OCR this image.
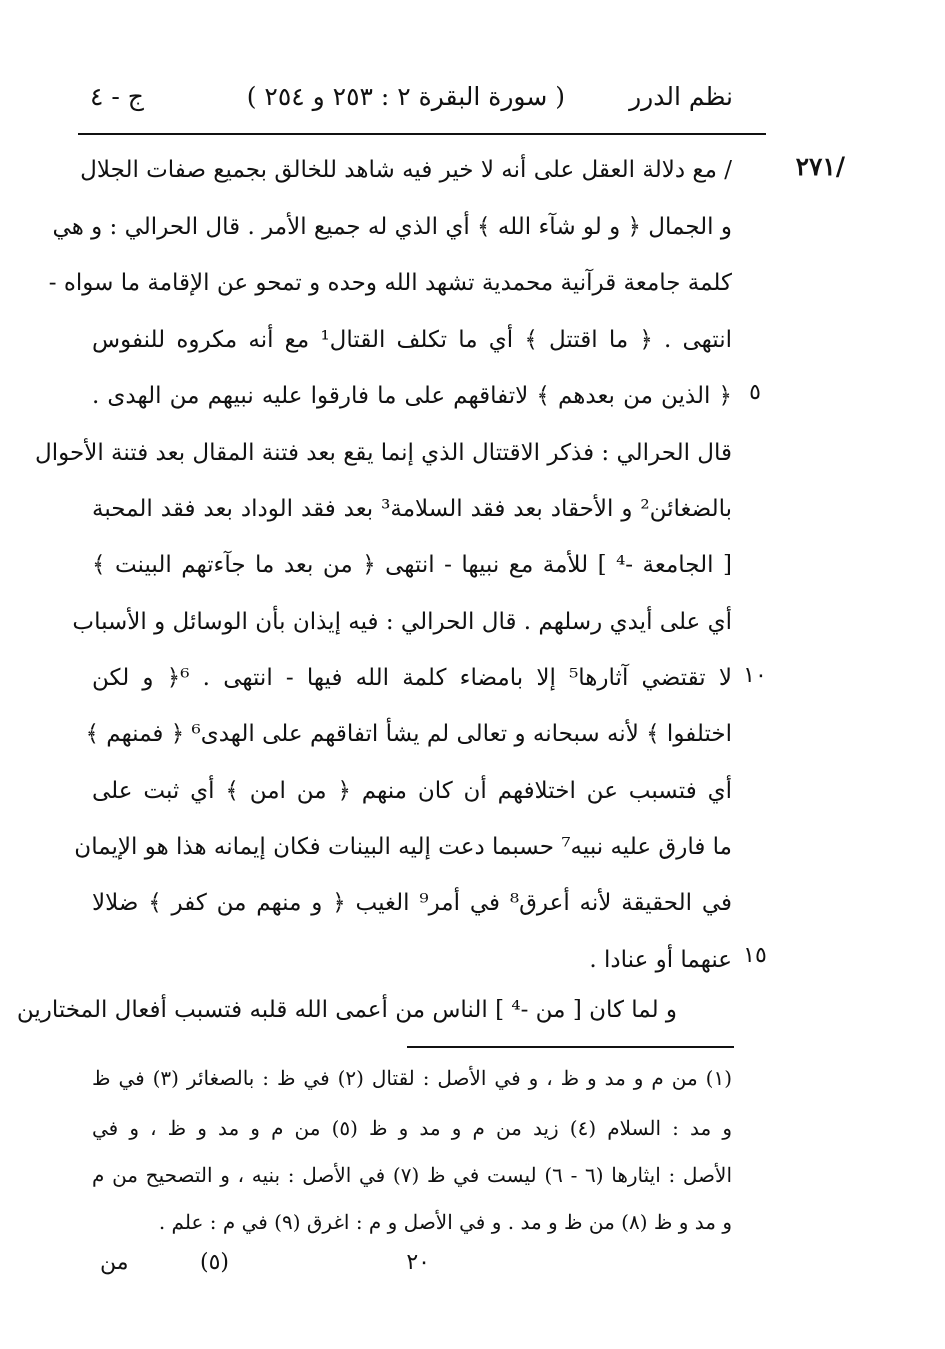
نظم الدرر
( سورة البقرة ٢ : ٢٥٣ و ٢٥٤ )
ج - ٤
٢٧١/
٥
١٠
١٥
/ مع دلالة العقل على أنه لا خير فيه شاهد للخالق بجميع صفات الجلال
و الجمال ﴿ و لو شآء الله ﴾ أي الذي له جميع الأمر . قال الحرالي : و هي
كلمة جامعة قرآنية محمدية تشهد الله وحده و تمحو عن الإقامة ما سواه -
انتهى . ﴿ ما اقتتل ﴾ أي ما تكلف القتال¹ مع أنه مكروه للنفوس
﴿ الذين من بعدهم ﴾ لاتفاقهم على ما فارقوا عليه نبيهم من الهدى .
قال الحرالي : فذكر الاقتتال الذي إنما يقع بعد فتنة المقال بعد فتنة الأحوال
بالضغائن² و الأحقاد بعد فقد السلامة³ بعد فقد الوداد بعد فقد المحبة
[ الجامعة -⁴ ] للأمة مع نبيها - انتهى ﴿ من بعد ما جآءتهم البينت ﴾
أي على أيدي رسلهم . قال الحرالي : فيه إيذان بأن الوسائل و الأسباب
لا تقتضي آثارها⁵ إلا بامضاء كلمة الله فيها - انتهى . ⁶﴿ و لكن
اختلفوا ﴾ لأنه سبحانه و تعالى لم يشأ اتفاقهم على الهدى⁶ ﴿ فمنهم ﴾
أي فتسبب عن اختلافهم أن كان منهم ﴿ من امن ﴾ أي ثبت على
ما فارق عليه نبيه⁷ حسبما دعت إليه البينات فكان إيمانه هذا هو الإيمان
في الحقيقة لأنه أعرق⁸ في أمر⁹ الغيب ﴿ و منهم من كفر ﴾ ضلالا
عنهما أو عنادا .
و لما كان [ من -⁴ ] الناس من أعمى الله قلبه فتسبب أفعال المختارين
(١) من م و مد و ظ ، و في الأصل : لقتال (٢) في ظ : بالصغائر (٣) في ظ
و مد : السلام (٤) زيد من م و مد و ظ (٥) من م و مد و ظ ، و في
الأصل : ايثارها (٦ - ٦) ليست في ظ (٧) في الأصل : بنيه ، و التصحيح من م
و مد و ظ (٨) من ظ و مد . و في الأصل و م : اغرق (٩) في م : علم .
٢٠
(٥)
من
